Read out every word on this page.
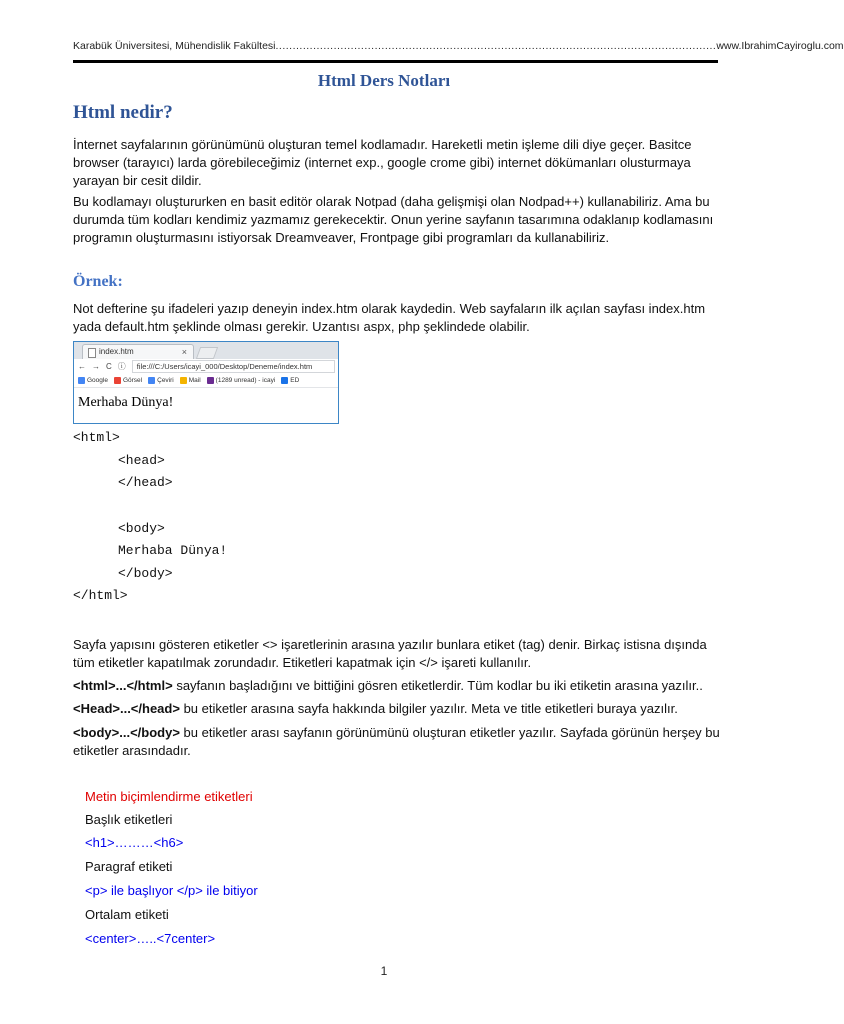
Karabük Üniversitesi, Mühendislik Fakültesi ................................................................................................................................. www.IbrahimCayiroglu.com
Html Ders Notları
Html nedir?
İnternet sayfalarının görünümünü oluşturan temel kodlamadır. Hareketli metin işleme dili diye geçer. Basitce browser (tarayıcı) larda görebileceğimiz (internet exp., google crome gibi) internet dökümanları olusturmaya yarayan bir cesit dildir.
Bu kodlamayı oluştururken en basit editör olarak Notpad (daha gelişmişi olan Nodpad++) kullanabiliriz. Ama bu durumda tüm kodları kendimiz yazmamız gerekecektir. Onun yerine sayfanın tasarımına odaklanıp kodlamasını programın oluşturmasını istiyorsak Dreamveaver, Frontpage gibi programları da kullanabiliriz.
Örnek:
Not defterine şu ifadeleri yazıp deneyin index.htm olarak kaydedin. Web sayfaların ilk açılan sayfası index.htm yada default.htm şeklinde olması gerekir. Uzantısı aspx, php şeklindede olabilir.
index.htm	×
← → C ⓘ	file:///C:/Users/icayi_000/Desktop/Deneme/index.htm
Google Görsel Çeviri Mail (1289 unread) - icayi ED
Merhaba Dünya!
<html>
<head>
</head>
<body>
Merhaba Dünya!
</body>
</html>
Sayfa yapısını gösteren etiketler <> işaretlerinin arasına yazılır bunlara etiket (tag) denir. Birkaç istisna dışında tüm etiketler kapatılmak zorundadır. Etiketleri kapatmak için </> işareti kullanılır.
<html>...</html> sayfanın başladığını ve bittiğini gösren etiketlerdir. Tüm kodlar bu iki etiketin arasına yazılır..
<Head>...</head> bu etiketler arasına sayfa hakkında bilgiler yazılır. Meta ve title etiketleri buraya yazılır.
<body>...</body> bu etiketler arası sayfanın görünümünü oluşturan etiketler yazılır. Sayfada görünün herşey bu etiketler arasındadır.
Metin biçimlendirme etiketleri
Başlık etiketleri
<h1>………<h6>
Paragraf etiketi
<p> ile başlıyor </p> ile bitiyor
Ortalam etiketi
<center>…..<7center>
1
